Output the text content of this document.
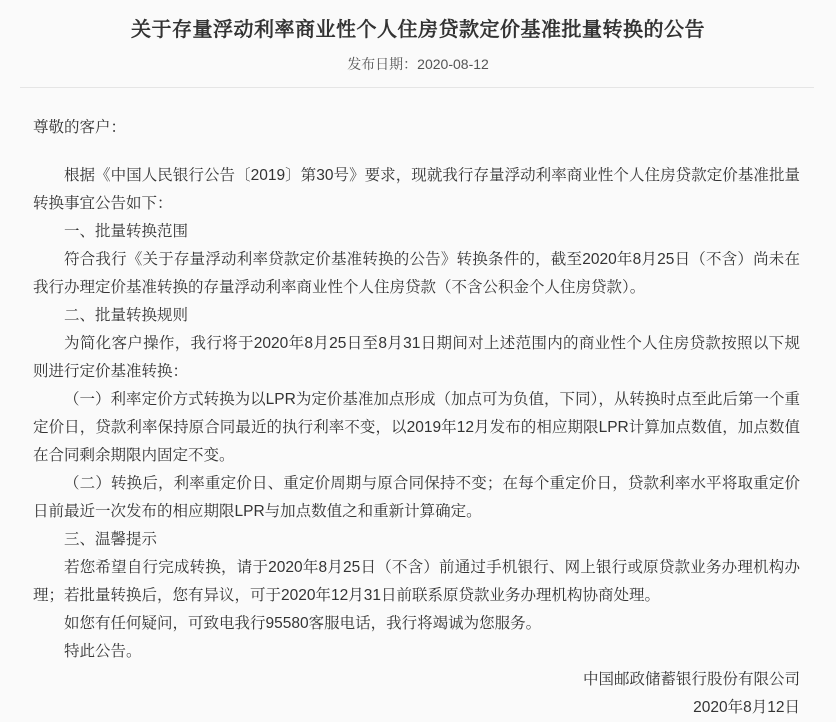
关于存量浮动利率商业性个人住房贷款定价基准批量转换的公告
发布日期：2020-08-12

尊敬的客户：

根据《中国人民银行公告〔2019〕第30号》要求，现就我行存量浮动利率商业性个人住房贷款定价基准批量转换事宜公告如下：

一、批量转换范围

符合我行《关于存量浮动利率贷款定价基准转换的公告》转换条件的，截至2020年8月25日（不含）尚未在我行办理定价基准转换的存量浮动利率商业性个人住房贷款（不含公积金个人住房贷款）。

二、批量转换规则

为简化客户操作，我行将于2020年8月25日至8月31日期间对上述范围内的商业性个人住房贷款按照以下规则进行定价基准转换：

（一）利率定价方式转换为以LPR为定价基准加点形成（加点可为负值，下同），从转换时点至此后第一个重定价日，贷款利率保持原合同最近的执行利率不变，以2019年12月发布的相应期限LPR计算加点数值，加点数值在合同剩余期限内固定不变。

（二）转换后，利率重定价日、重定价周期与原合同保持不变；在每个重定价日，贷款利率水平将取重定价日前最近一次发布的相应期限LPR与加点数值之和重新计算确定。

三、温馨提示

若您希望自行完成转换，请于2020年8月25日（不含）前通过手机银行、网上银行或原贷款业务办理机构办理；若批量转换后，您有异议，可于2020年12月31日前联系原贷款业务办理机构协商处理。

如您有任何疑问，可致电我行95580客服电话，我行将竭诚为您服务。

特此公告。

中国邮政储蓄银行股份有限公司

2020年8月12日
